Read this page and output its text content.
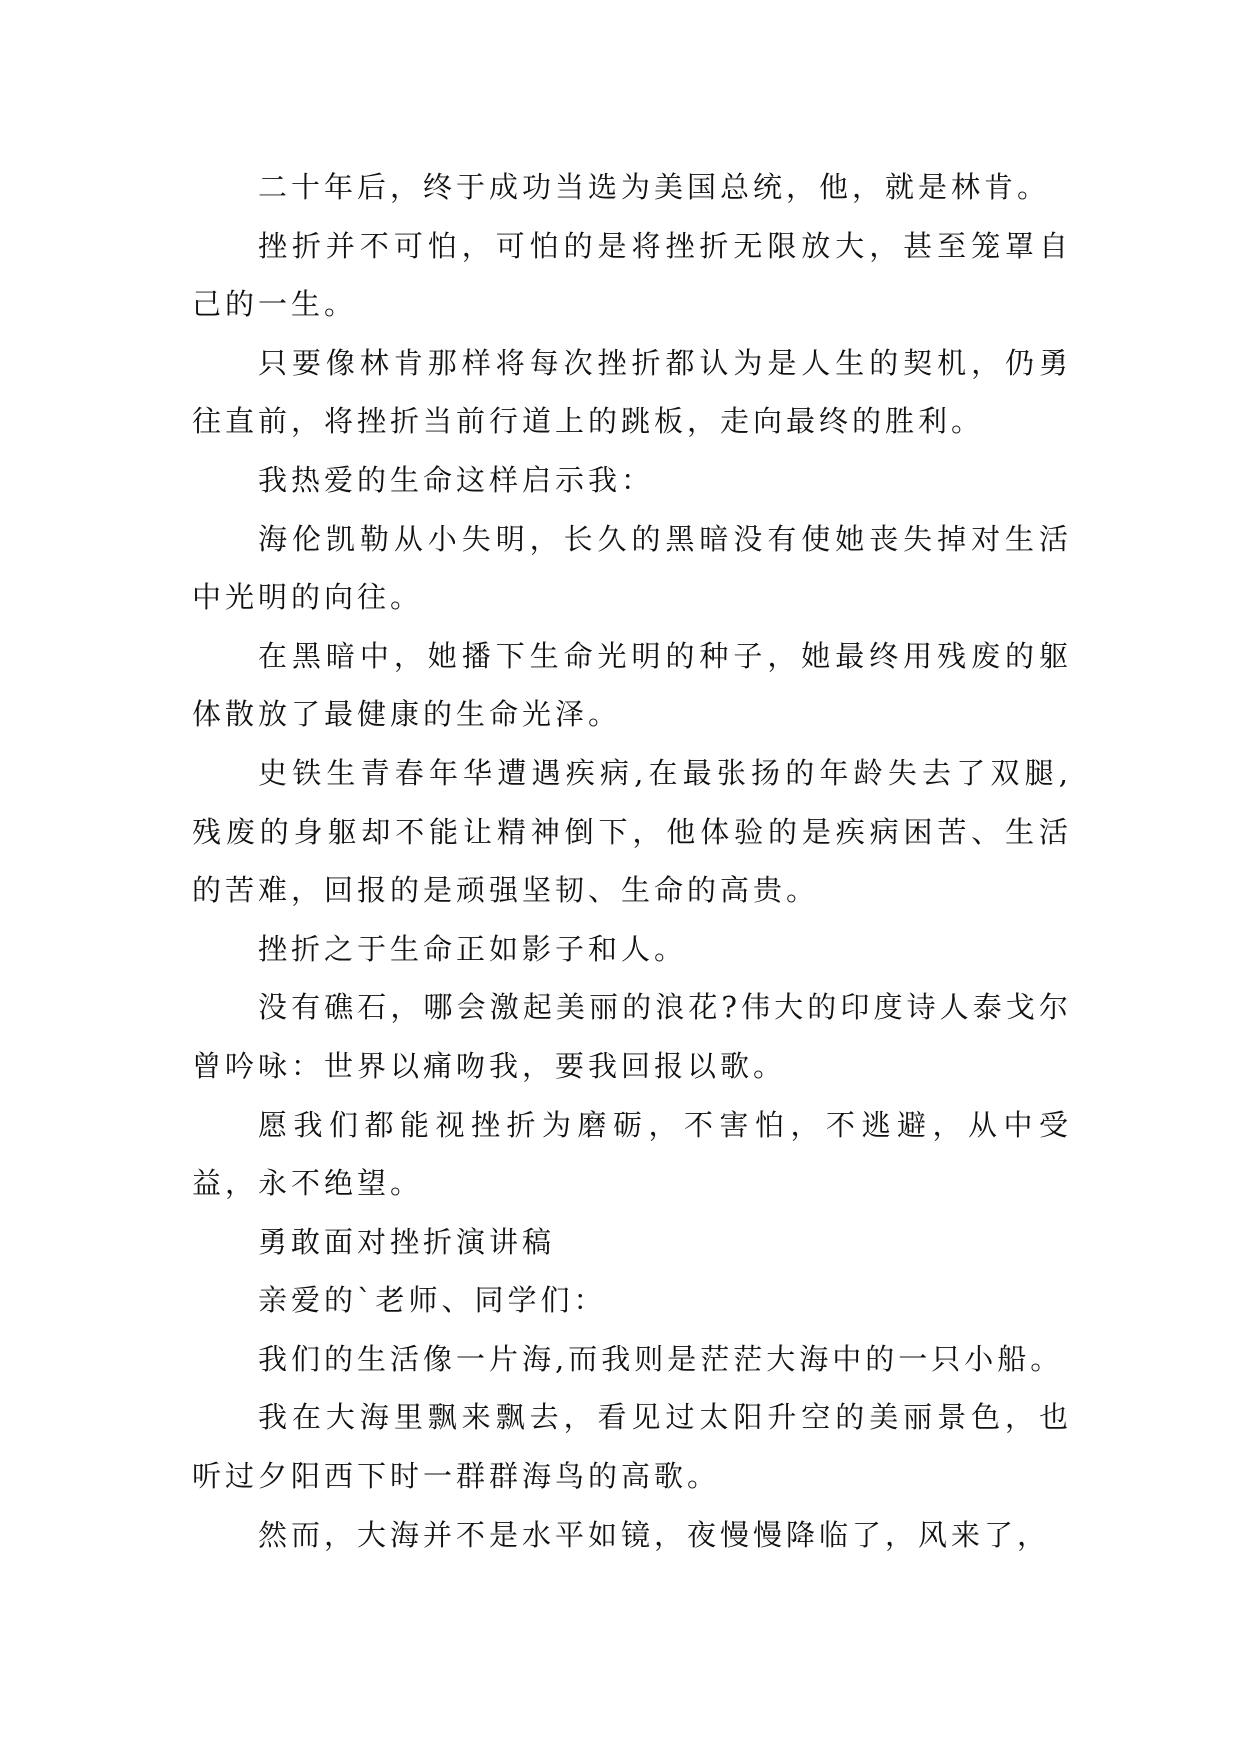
二十年后，终于成功当选为美国总统，他，就是林肯。

挫折并不可怕，可怕的是将挫折无限放大，甚至笼罩自己的一生。

只要像林肯那样将每次挫折都认为是人生的契机，仍勇往直前，将挫折当前行道上的跳板，走向最终的胜利。

我热爱的生命这样启示我：

海伦凯勒从小失明，长久的黑暗没有使她丧失掉对生活中光明的向往。

在黑暗中，她播下生命光明的种子，她最终用残废的躯体散放了最健康的生命光泽。

史铁生青春年华遭遇疾病,在最张扬的年龄失去了双腿,残废的身躯却不能让精神倒下，他体验的是疾病困苦、生活的苦难，回报的是顽强坚韧、生命的高贵。

挫折之于生命正如影子和人。

没有礁石，哪会激起美丽的浪花?伟大的印度诗人泰戈尔曾吟咏：世界以痛吻我，要我回报以歌。

愿我们都能视挫折为磨砺，不害怕，不逃避，从中受益，永不绝望。

勇敢面对挫折演讲稿

亲爱的`老师、同学们：

我们的生活像一片海,而我则是茫茫大海中的一只小船。

我在大海里飘来飘去，看见过太阳升空的美丽景色，也听过夕阳西下时一群群海鸟的高歌。

然而，大海并不是水平如镜，夜慢慢降临了，风来了，
